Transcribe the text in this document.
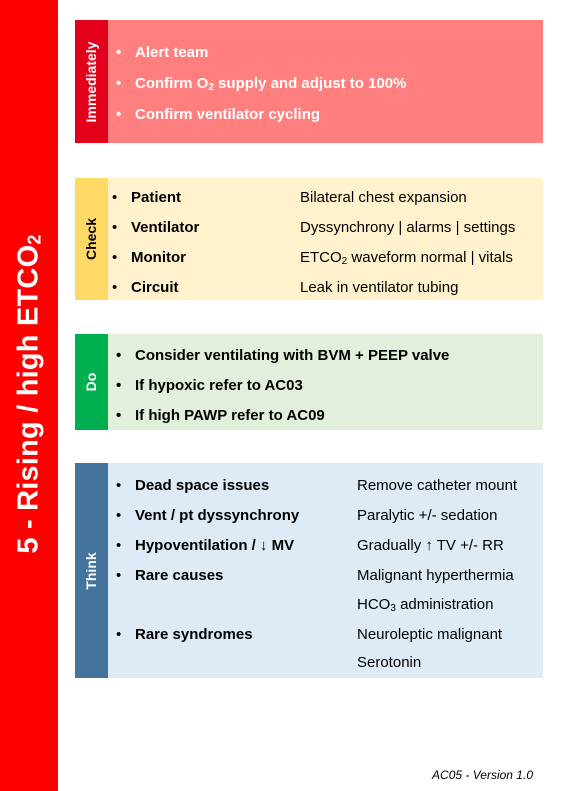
5 - Rising / high $ETCO_2$
Immediately • Alert team
• Confirm $O_2$ supply and adjust to 100%
• Confirm ventilator cycling
Check
• Patient	Bilateral chest expansion
• Ventilator	Dyssynchrony | alarms | settings
• Monitor	$ETCO_2$ waveform normal | vitals
• Circuit	Leak in ventilator tubing
Do
• Consider ventilating with BVM + PEEP valve
• If hypoxic refer to AC03
• If high PAWP refer to AC09
Think
• Dead space issues	Remove catheter mount
• Vent / pt dyssynchrony	Paralytic +/- sedation
• Hypoventilation / ↓ MV	Gradually ↑ TV +/- RR
• Rare causes	Malignant hyperthermia
$HCO_3$ administration
• Rare syndromes	Neuroleptic malignant
Serotonin
AC05 - Version 1.0
